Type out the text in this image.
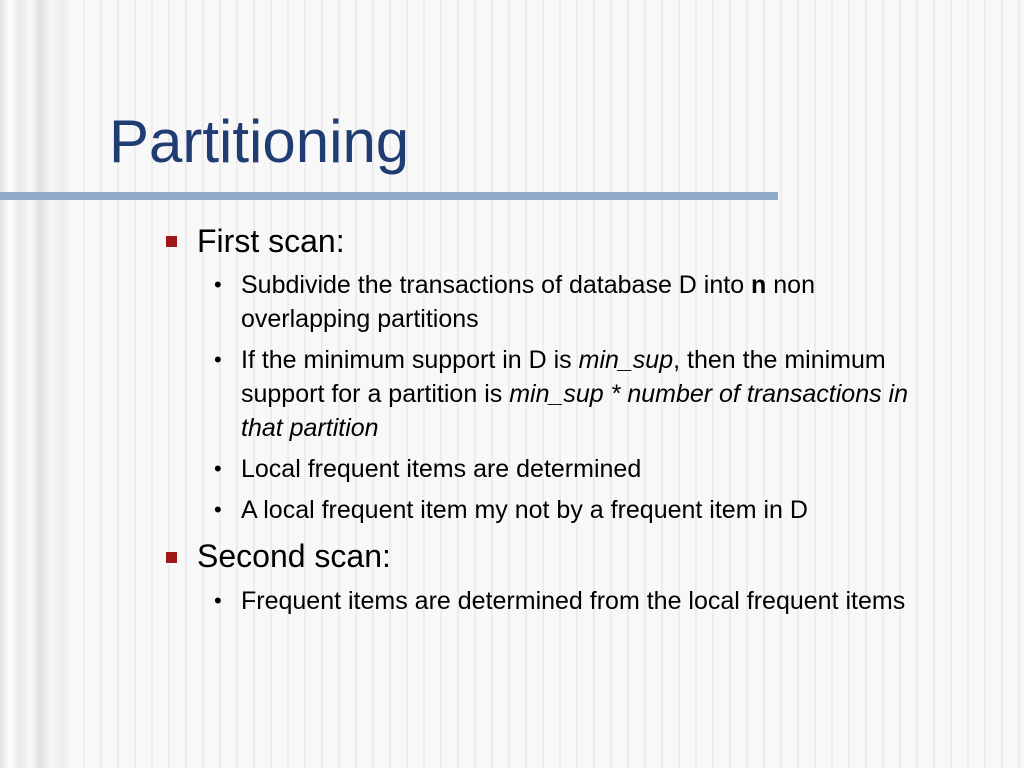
Partitioning
First scan:
• Subdivide the transactions of database D into n non
overlapping partitions
• If the minimum support in D is min_sup, then the minimum
support for a partition is min_sup * number of transactions in
that partition
• Local frequent items are determined
• A local frequent item my not by a frequent item in D
Second scan:
• Frequent items are determined from the local frequent items
